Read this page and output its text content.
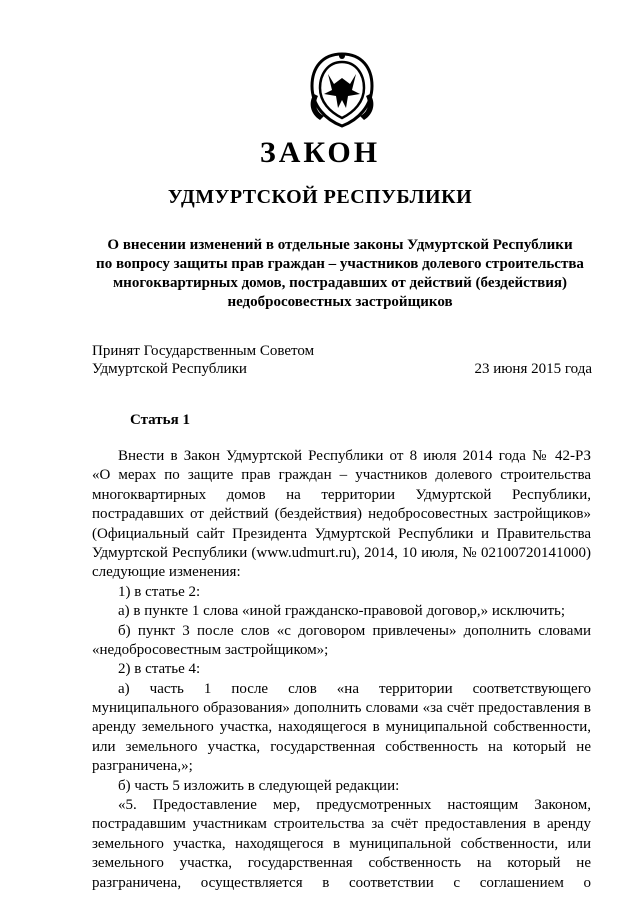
ЗАКОН
УДМУРТСКОЙ РЕСПУБЛИКИ
О внесении изменений в отдельные законы Удмуртской Республики
по вопросу защиты прав граждан – участников долевого строительства
многоквартирных домов, пострадавших от действий (бездействия)
недобросовестных застройщиков
Принят Государственным Советом
Удмуртской Республики	23 июня 2015 года
Статья 1
Внести в Закон Удмуртской Республики от 8 июля 2014 года № 42-РЗ
«О мерах по защите прав граждан – участников долевого строительства
многоквартирных домов на территории Удмуртской Республики,
пострадавших от действий (бездействия) недобросовестных застройщиков»
(Официальный сайт Президента Удмуртской Республики и Правительства
Удмуртской Республики (www.udmurt.ru), 2014, 10 июля, № 02100720141000)
следующие изменения:
1) в статье 2:
а) в пункте 1 слова «иной гражданско-правовой договор,» исключить;
б) пункт 3 после слов «с договором привлечены» дополнить словами
«недобросовестным застройщиком»;
2) в статье 4:
а) часть 1 после слов «на территории соответствующего
муниципального образования» дополнить словами «за счёт предоставления в
аренду земельного участка, находящегося в муниципальной собственности,
или земельного участка, государственная собственность на который не
разграничена,»;
б) часть 5 изложить в следующей редакции:
«5. Предоставление мер, предусмотренных настоящим Законом,
пострадавшим участникам строительства за счёт предоставления в аренду
земельного участка, находящегося в муниципальной собственности, или
земельного участка, государственная собственность на который не
разграничена, осуществляется в соответствии с соглашением о
